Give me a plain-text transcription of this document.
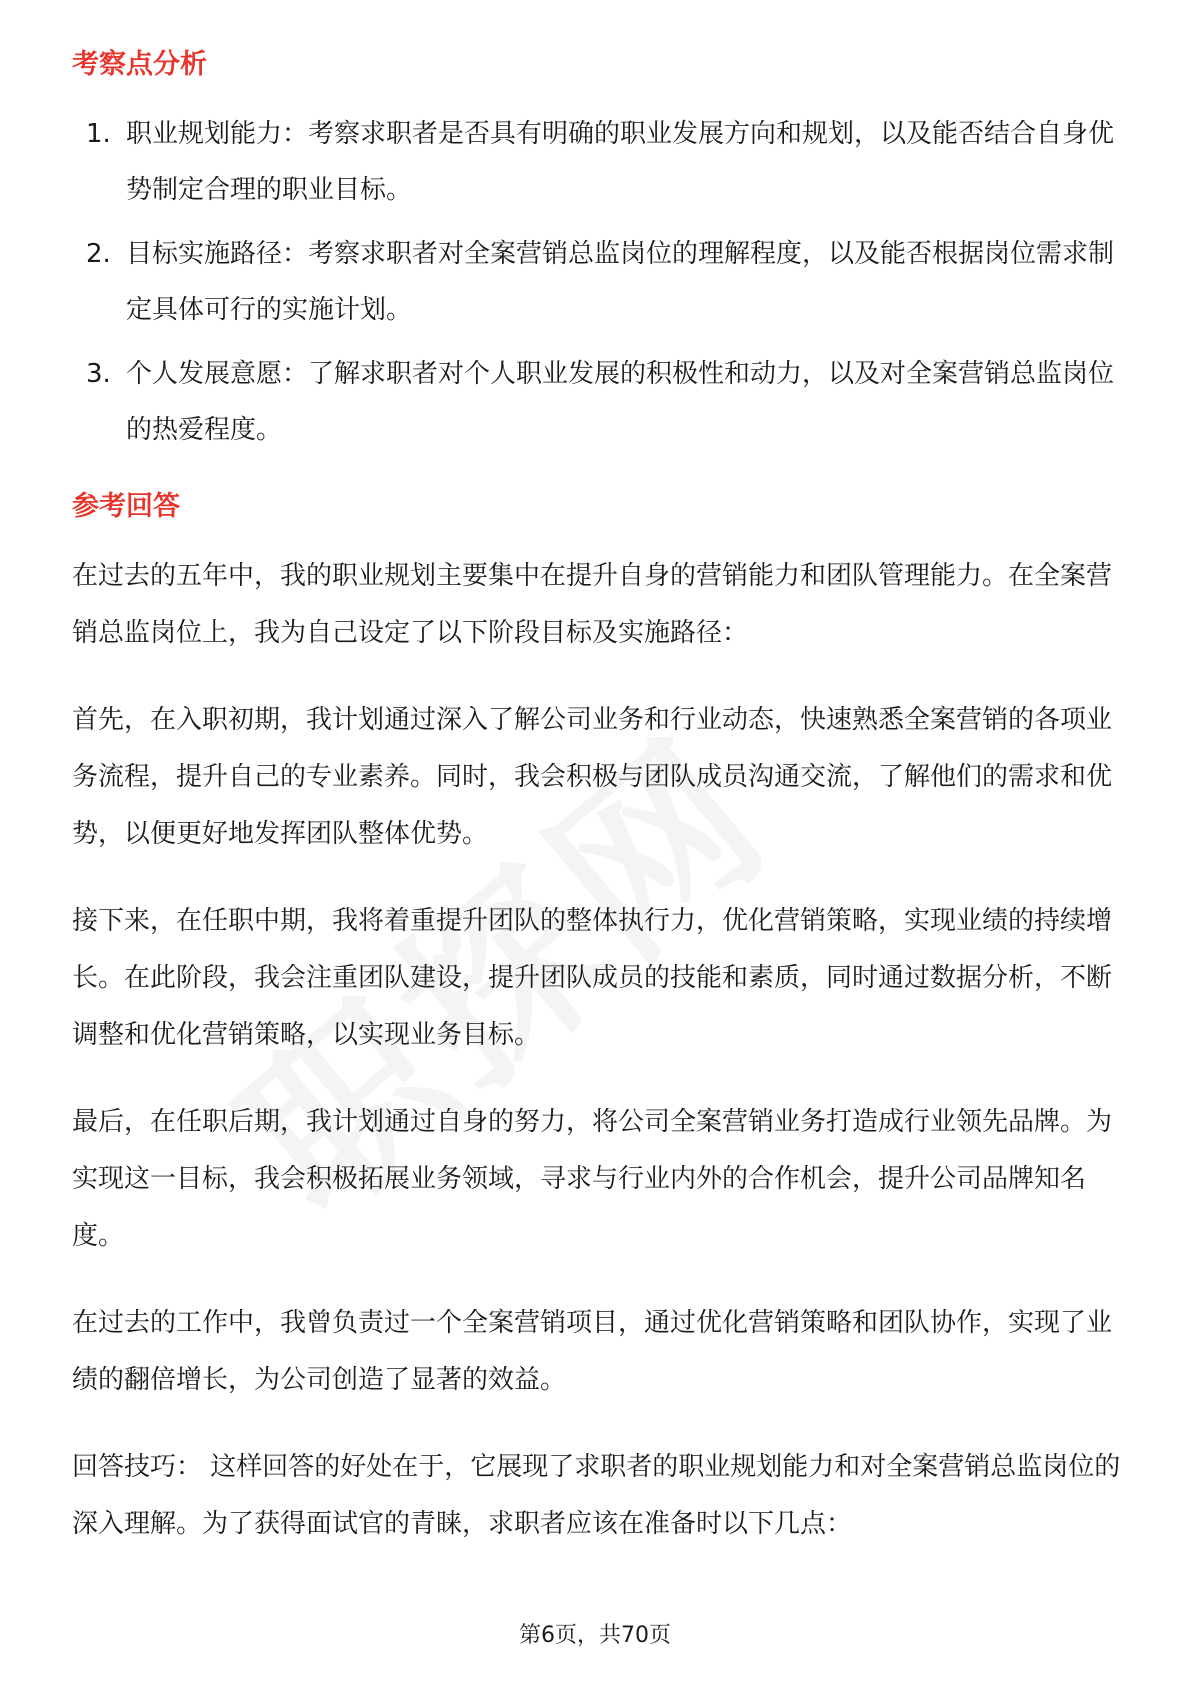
考察点分析
1. 职业规划能力：考察求职者是否具有明确的职业发展方向和规划，以及能否结合自身优势制定合理的职业目标。
2. 目标实施路径：考察求职者对全案营销总监岗位的理解程度，以及能否根据岗位需求制定具体可行的实施计划。
3. 个人发展意愿：了解求职者对个人职业发展的积极性和动力，以及对全案营销总监岗位的热爱程度。
参考回答

在过去的五年中，我的职业规划主要集中在提升自身的营销能力和团队管理能力。在全案营销总监岗位上，我为自己设定了以下阶段目标及实施路径：

首先，在入职初期，我计划通过深入了解公司业务和行业动态，快速熟悉全案营销的各项业务流程，提升自己的专业素养。同时，我会积极与团队成员沟通交流，了解他们的需求和优势，以便更好地发挥团队整体优势。

接下来，在任职中期，我将着重提升团队的整体执行力，优化营销策略，实现业绩的持续增长。在此阶段，我会注重团队建设，提升团队成员的技能和素质，同时通过数据分析，不断调整和优化营销策略，以实现业务目标。

最后，在任职后期，我计划通过自身的努力，将公司全案营销业务打造成行业领先品牌。为实现这一目标，我会积极拓展业务领域，寻求与行业内外的合作机会，提升公司品牌知名度。

在过去的工作中，我曾负责过一个全案营销项目，通过优化营销策略和团队协作，实现了业绩的翻倍增长，为公司创造了显著的效益。

回答技巧： 这样回答的好处在于，它展现了求职者的职业规划能力和对全案营销总监岗位的深入理解。为了获得面试官的青睐，求职者应该在准备时以下几点：

第6页，共70页
